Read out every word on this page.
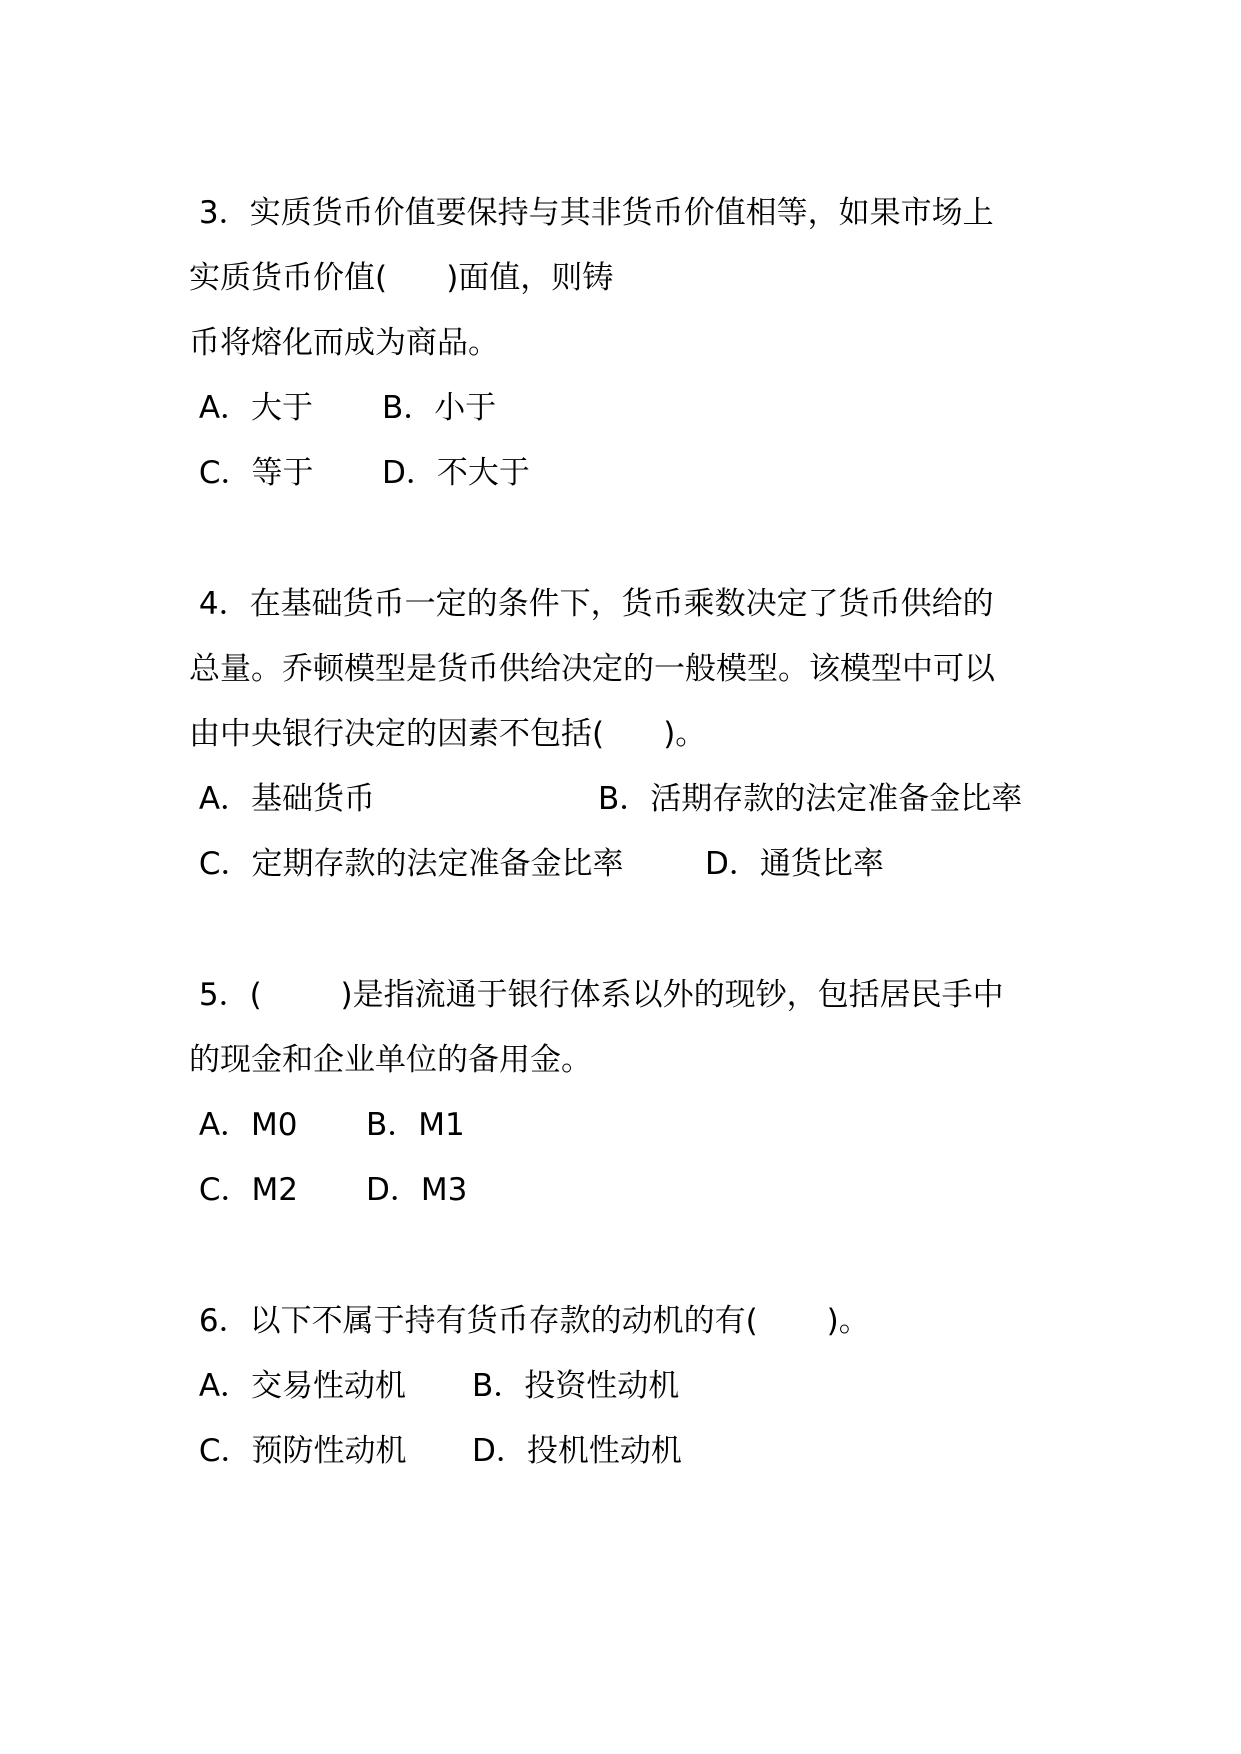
3．实质货币价值要保持与其非货币价值相等，如果市场上
实质货币价值(      )面值，则铸
币将熔化而成为商品。
A．大于 B．小于
C．等于 D．不大于
4．在基础货币一定的条件下，货币乘数决定了货币供给的
总量。乔顿模型是货币供给决定的一般模型。该模型中可以
由中央银行决定的因素不包括(      )。
A．基础货币	B．活期存款的法定准备金比率
C．定期存款的法定准备金比率	D．通货比率
5．(        )是指流通于银行体系以外的现钞，包括居民手中
的现金和企业单位的备用金。
A．M0 B．M1
C．M2 D．M3
6．以下不属于持有货币存款的动机的有(       )。
A．交易性动机 B．投资性动机
C．预防性动机 D．投机性动机
